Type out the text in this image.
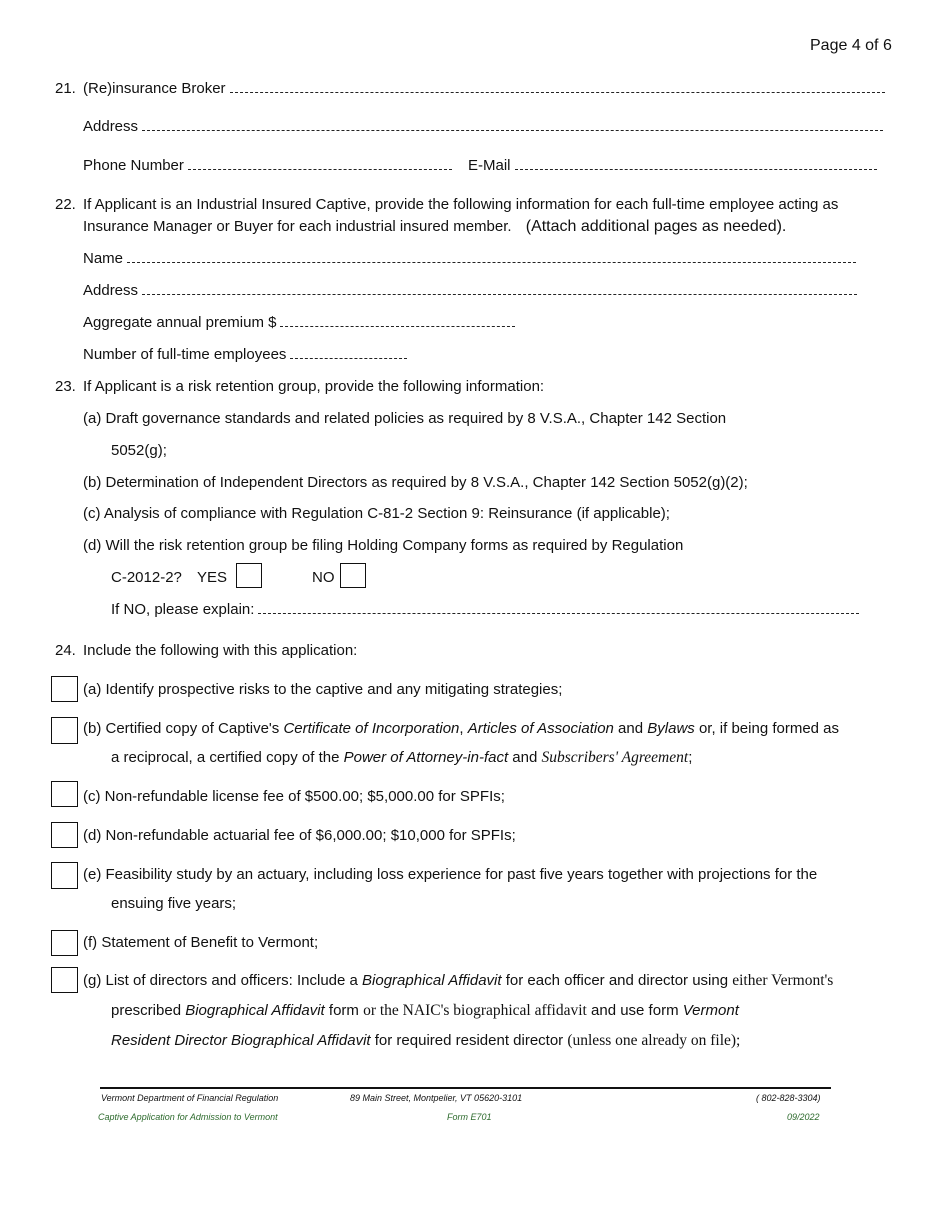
Page 4 of 6
21. (Re)insurance Broker
Address
Phone Number	E-Mail
22. If Applicant is an Industrial Insured Captive, provide the following information for each full-time employee acting as
Insurance Manager or Buyer for each industrial insured member. (Attach additional pages as needed).
Name
Address
Aggregate annual premium $
Number of full-time employees
23. If Applicant is a risk retention group, provide the following information:
(a) Draft governance standards and related policies as required by 8 V.S.A., Chapter 142 Section
5052(g);
(b) Determination of Independent Directors as required by 8 V.S.A., Chapter 142 Section 5052(g)(2);
(c) Analysis of compliance with Regulation C-81-2 Section 9: Reinsurance (if applicable);
(d) Will the risk retention group be filing Holding Company forms as required by Regulation
C-2012-2? YES	NO
If NO, please explain:
24. Include the following with this application:
(a) Identify prospective risks to the captive and any mitigating strategies;
(b) Certified copy of Captive's Certificate of Incorporation, Articles of Association and Bylaws or, if being formed as
a reciprocal, a certified copy of the Power of Attorney-in-fact and Subscribers' Agreement;
(c) Non-refundable license fee of $500.00; $5,000.00 for SPFIs;
(d) Non-refundable actuarial fee of $6,000.00; $10,000 for SPFIs;
(e) Feasibility study by an actuary, including loss experience for past five years together with projections for the
ensuing five years;
(f) Statement of Benefit to Vermont;
(g) List of directors and officers: Include a Biographical Affidavit for each officer and director using either Vermont's
prescribed Biographical Affidavit form or the NAIC's biographical affidavit and use form Vermont
Resident Director Biographical Affidavit for required resident director (unless one already on file);
Vermont Department of Financial Regulation	89 Main Street, Montpelier, VT 05620-3101	( 802-828-3304)
Captive Application for Admission to Vermont	Form E701	09/2022
